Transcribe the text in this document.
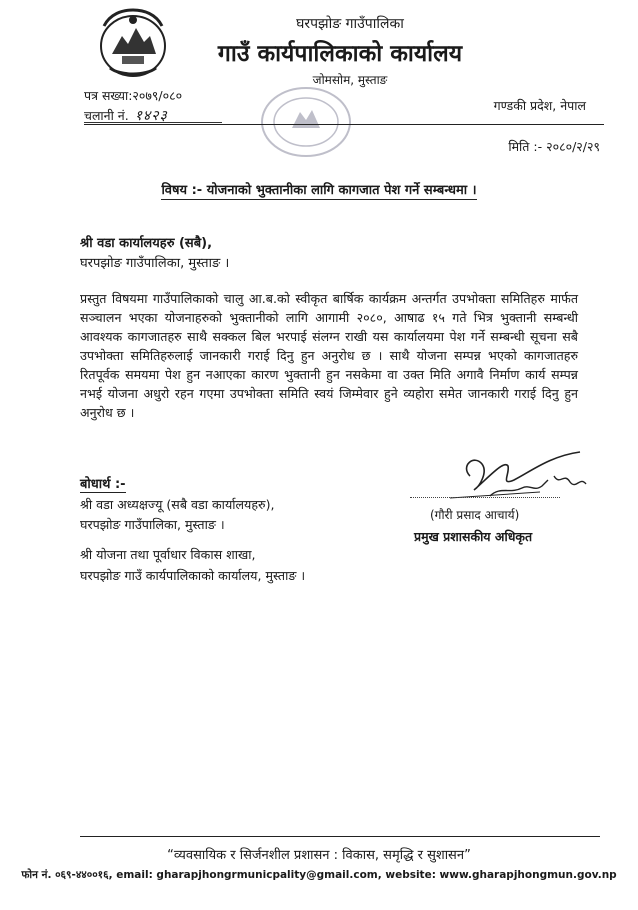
घरपझोङ गाउँपालिका
गाउँ कार्यपालिकाको कार्यालय
जोमसोम, मुस्ताङ
पत्र सख्या:२०७९/०८०
चलानी नं. १४२३
गण्डकी प्रदेश, नेपाल
मिति :- २०८०/२/२९
विषय :- योजनाको भुक्तानीका लागि कागजात पेश गर्ने सम्बन्धमा ।
श्री वडा कार्यालयहरु (सबै),
घरपझोङ गाउँपालिका, मुस्ताङ ।
प्रस्तुत विषयमा गाउँपालिकाको चालु आ.ब.को स्वीकृत बार्षिक कार्यक्रम अन्तर्गत उपभोक्ता समितिहरु मार्फत सञ्चालन भएका योजनाहरुको भुक्तानीको लागि आगामी २०८०, आषाढ १५ गते भित्र भुक्तानी सम्बन्धी आवश्यक कागजातहरु साथै सक्कल बिल भरपाई संलग्न राखी यस कार्यालयमा पेश गर्ने सम्बन्धी सूचना सबै उपभोक्ता समितिहरुलाई जानकारी गराई दिनु हुन अनुरोध छ । साथै योजना सम्पन्न भएको कागजातहरु रितपूर्वक समयमा पेश हुन नआएका कारण भुक्तानी हुन नसकेमा वा उक्त मिति अगावै निर्माण कार्य सम्पन्न नभई योजना अधुरो रहन गएमा उपभोक्ता समिति स्वयं जिम्मेवार हुने व्यहोरा समेत जानकारी गराई दिनु हुन अनुरोध छ ।
(गौरी प्रसाद आचार्य)
प्रमुख प्रशासकीय अधिकृत
बोधार्थ :-
श्री वडा अध्यक्षज्यू (सबै वडा कार्यालयहरु),
घरपझोङ गाउँपालिका, मुस्ताङ ।
श्री योजना तथा पूर्वाधार विकास शाखा,
घरपझोङ गाउँ कार्यपालिकाको कार्यालय, मुस्ताङ ।
“व्यवसायिक र सिर्जनशील प्रशासन : विकास, समृद्धि र सुशासन”
फोन नं. ०६९-४४००१६, email: gharapjhongrmunicpality@gmail.com, website: www.gharapjhongmun.gov.np
